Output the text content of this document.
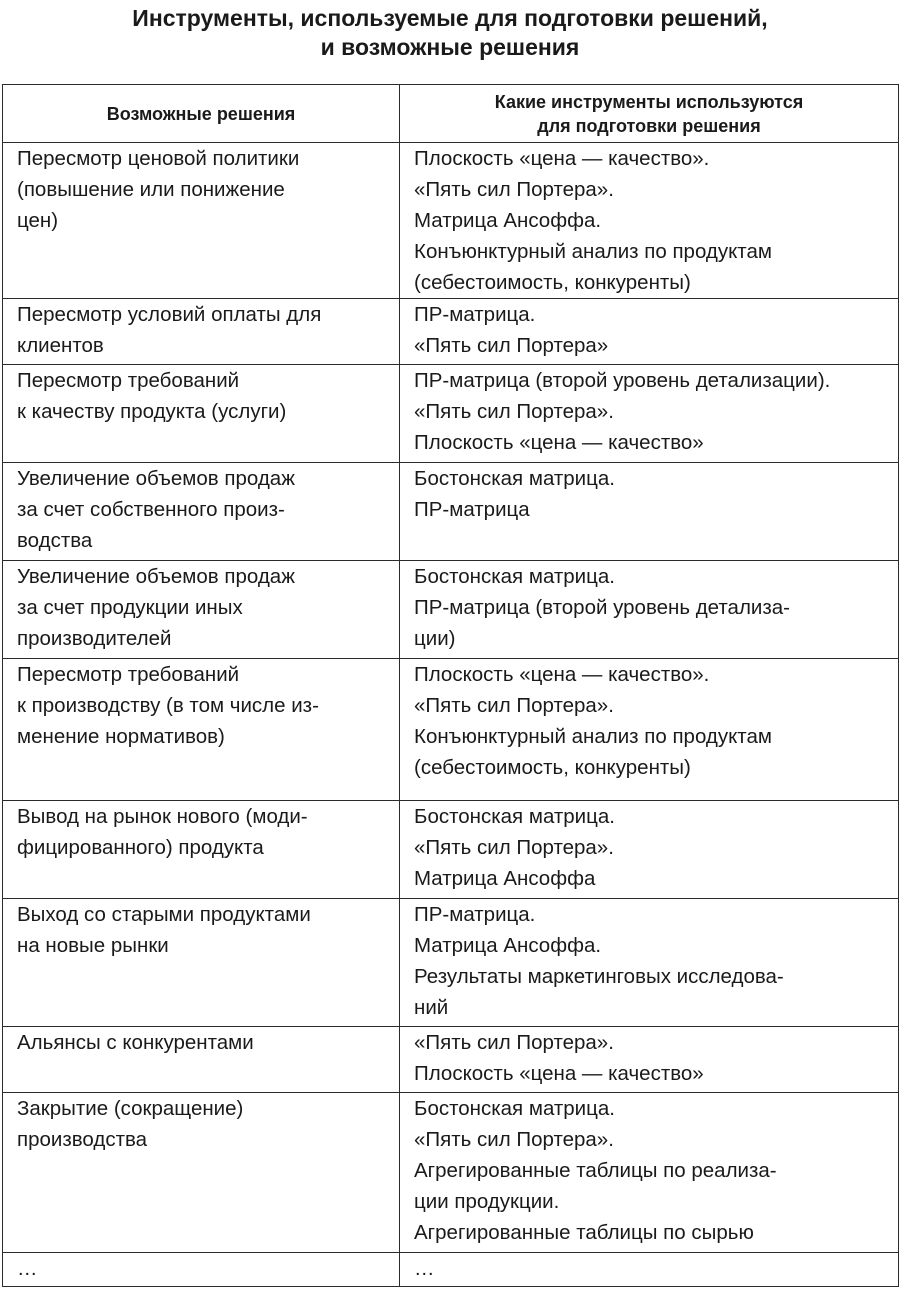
Инструменты, используемые для подготовки решений,
и возможные решения
Возможные решения	Какие инструменты используются
для подготовки решения

Пересмотр ценовой политики
(повышение или понижение
цен)	Плоскость «цена — качество».
«Пять сил Портера».
Матрица Ансоффа.
Конъюнктурный анализ по продуктам
(себестоимость, конкуренты)

Пересмотр условий оплаты для
клиентов	ПР-матрица.
«Пять сил Портера»

Пересмотр требований
к качеству продукта (услуги)	ПР-матрица (второй уровень детализации).
«Пять сил Портера».
Плоскость «цена — качество»

Увеличение объемов продаж
за счет собственного произ-
водства	Бостонская матрица.
ПР-матрица

Увеличение объемов продаж
за счет продукции иных
производителей	Бостонская матрица.
ПР-матрица (второй уровень детализа-
ции)

Пересмотр требований
к производству (в том числе из-
менение нормативов)	Плоскость «цена — качество».
«Пять сил Портера».
Конъюнктурный анализ по продуктам
(себестоимость, конкуренты)

Вывод на рынок нового (моди-
фицированного) продукта	Бостонская матрица.
«Пять сил Портера».
Матрица Ансоффа

Выход со старыми продуктами
на новые рынки	ПР-матрица.
Матрица Ансоффа.
Результаты маркетинговых исследова-
ний

Альянсы с конкурентами	«Пять сил Портера».
Плоскость «цена — качество»

Закрытие (сокращение)
производства	Бостонская матрица.
«Пять сил Портера».
Агрегированные таблицы по реализа-
ции продукции.
Агрегированные таблицы по сырью

…	…
